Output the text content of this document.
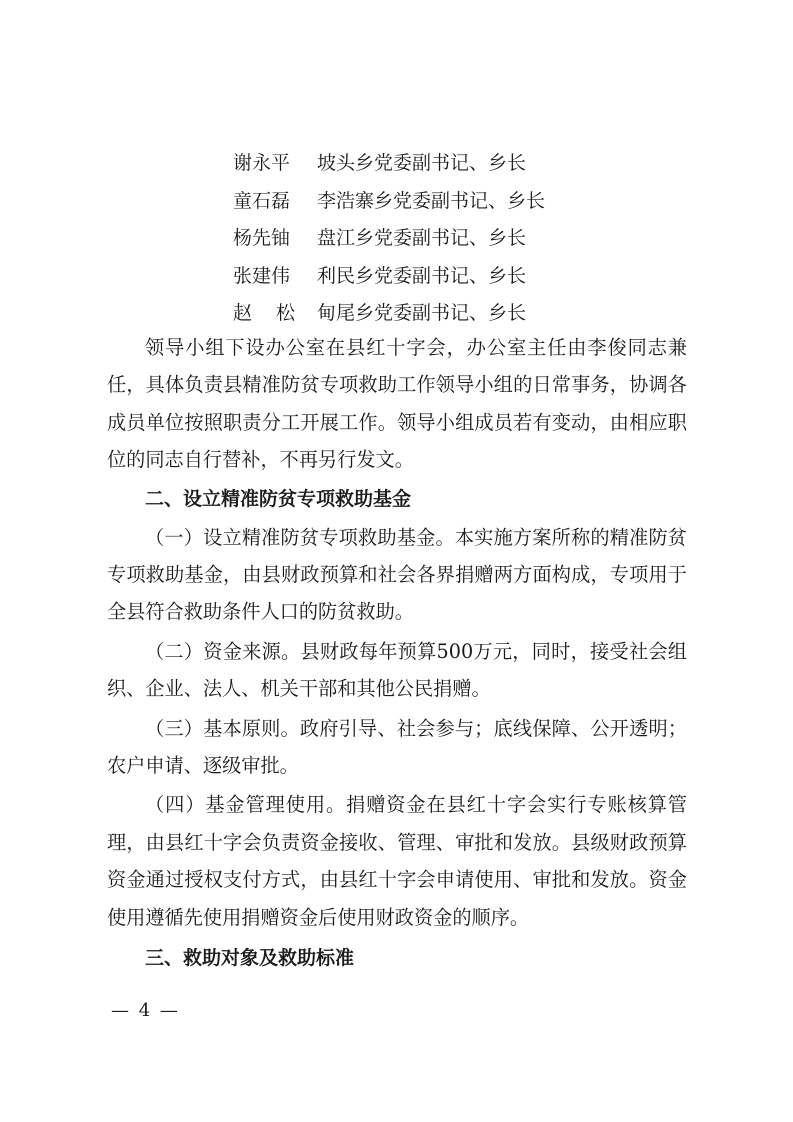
谢永平 坡头乡党委副书记、乡长
童石磊 李浩寨乡党委副书记、乡长
杨先铀 盘江乡党委副书记、乡长
张建伟 利民乡党委副书记、乡长
赵松甸尾乡党委副书记、乡长

领导小组下设办公室在县红十字会，办公室主任由李俊同志兼任，具体负责县精准防贫专项救助工作领导小组的日常事务，协调各成员单位按照职责分工开展工作。领导小组成员若有变动，由相应职位的同志自行替补，不再另行发文。

二、设立精准防贫专项救助基金

（一）设立精准防贫专项救助基金。本实施方案所称的精准防贫专项救助基金，由县财政预算和社会各界捐赠两方面构成，专项用于全县符合救助条件人口的防贫救助。

（二）资金来源。县财政每年预算500万元，同时，接受社会组织、企业、法人、机关干部和其他公民捐赠。

（三）基本原则。政府引导、社会参与；底线保障、公开透明；农户申请、逐级审批。

（四）基金管理使用。捐赠资金在县红十字会实行专账核算管理，由县红十字会负责资金接收、管理、审批和发放。县级财政预算资金通过授权支付方式，由县红十字会申请使用、审批和发放。资金使用遵循先使用捐赠资金后使用财政资金的顺序。

三、救助对象及救助标准

— 4 —
